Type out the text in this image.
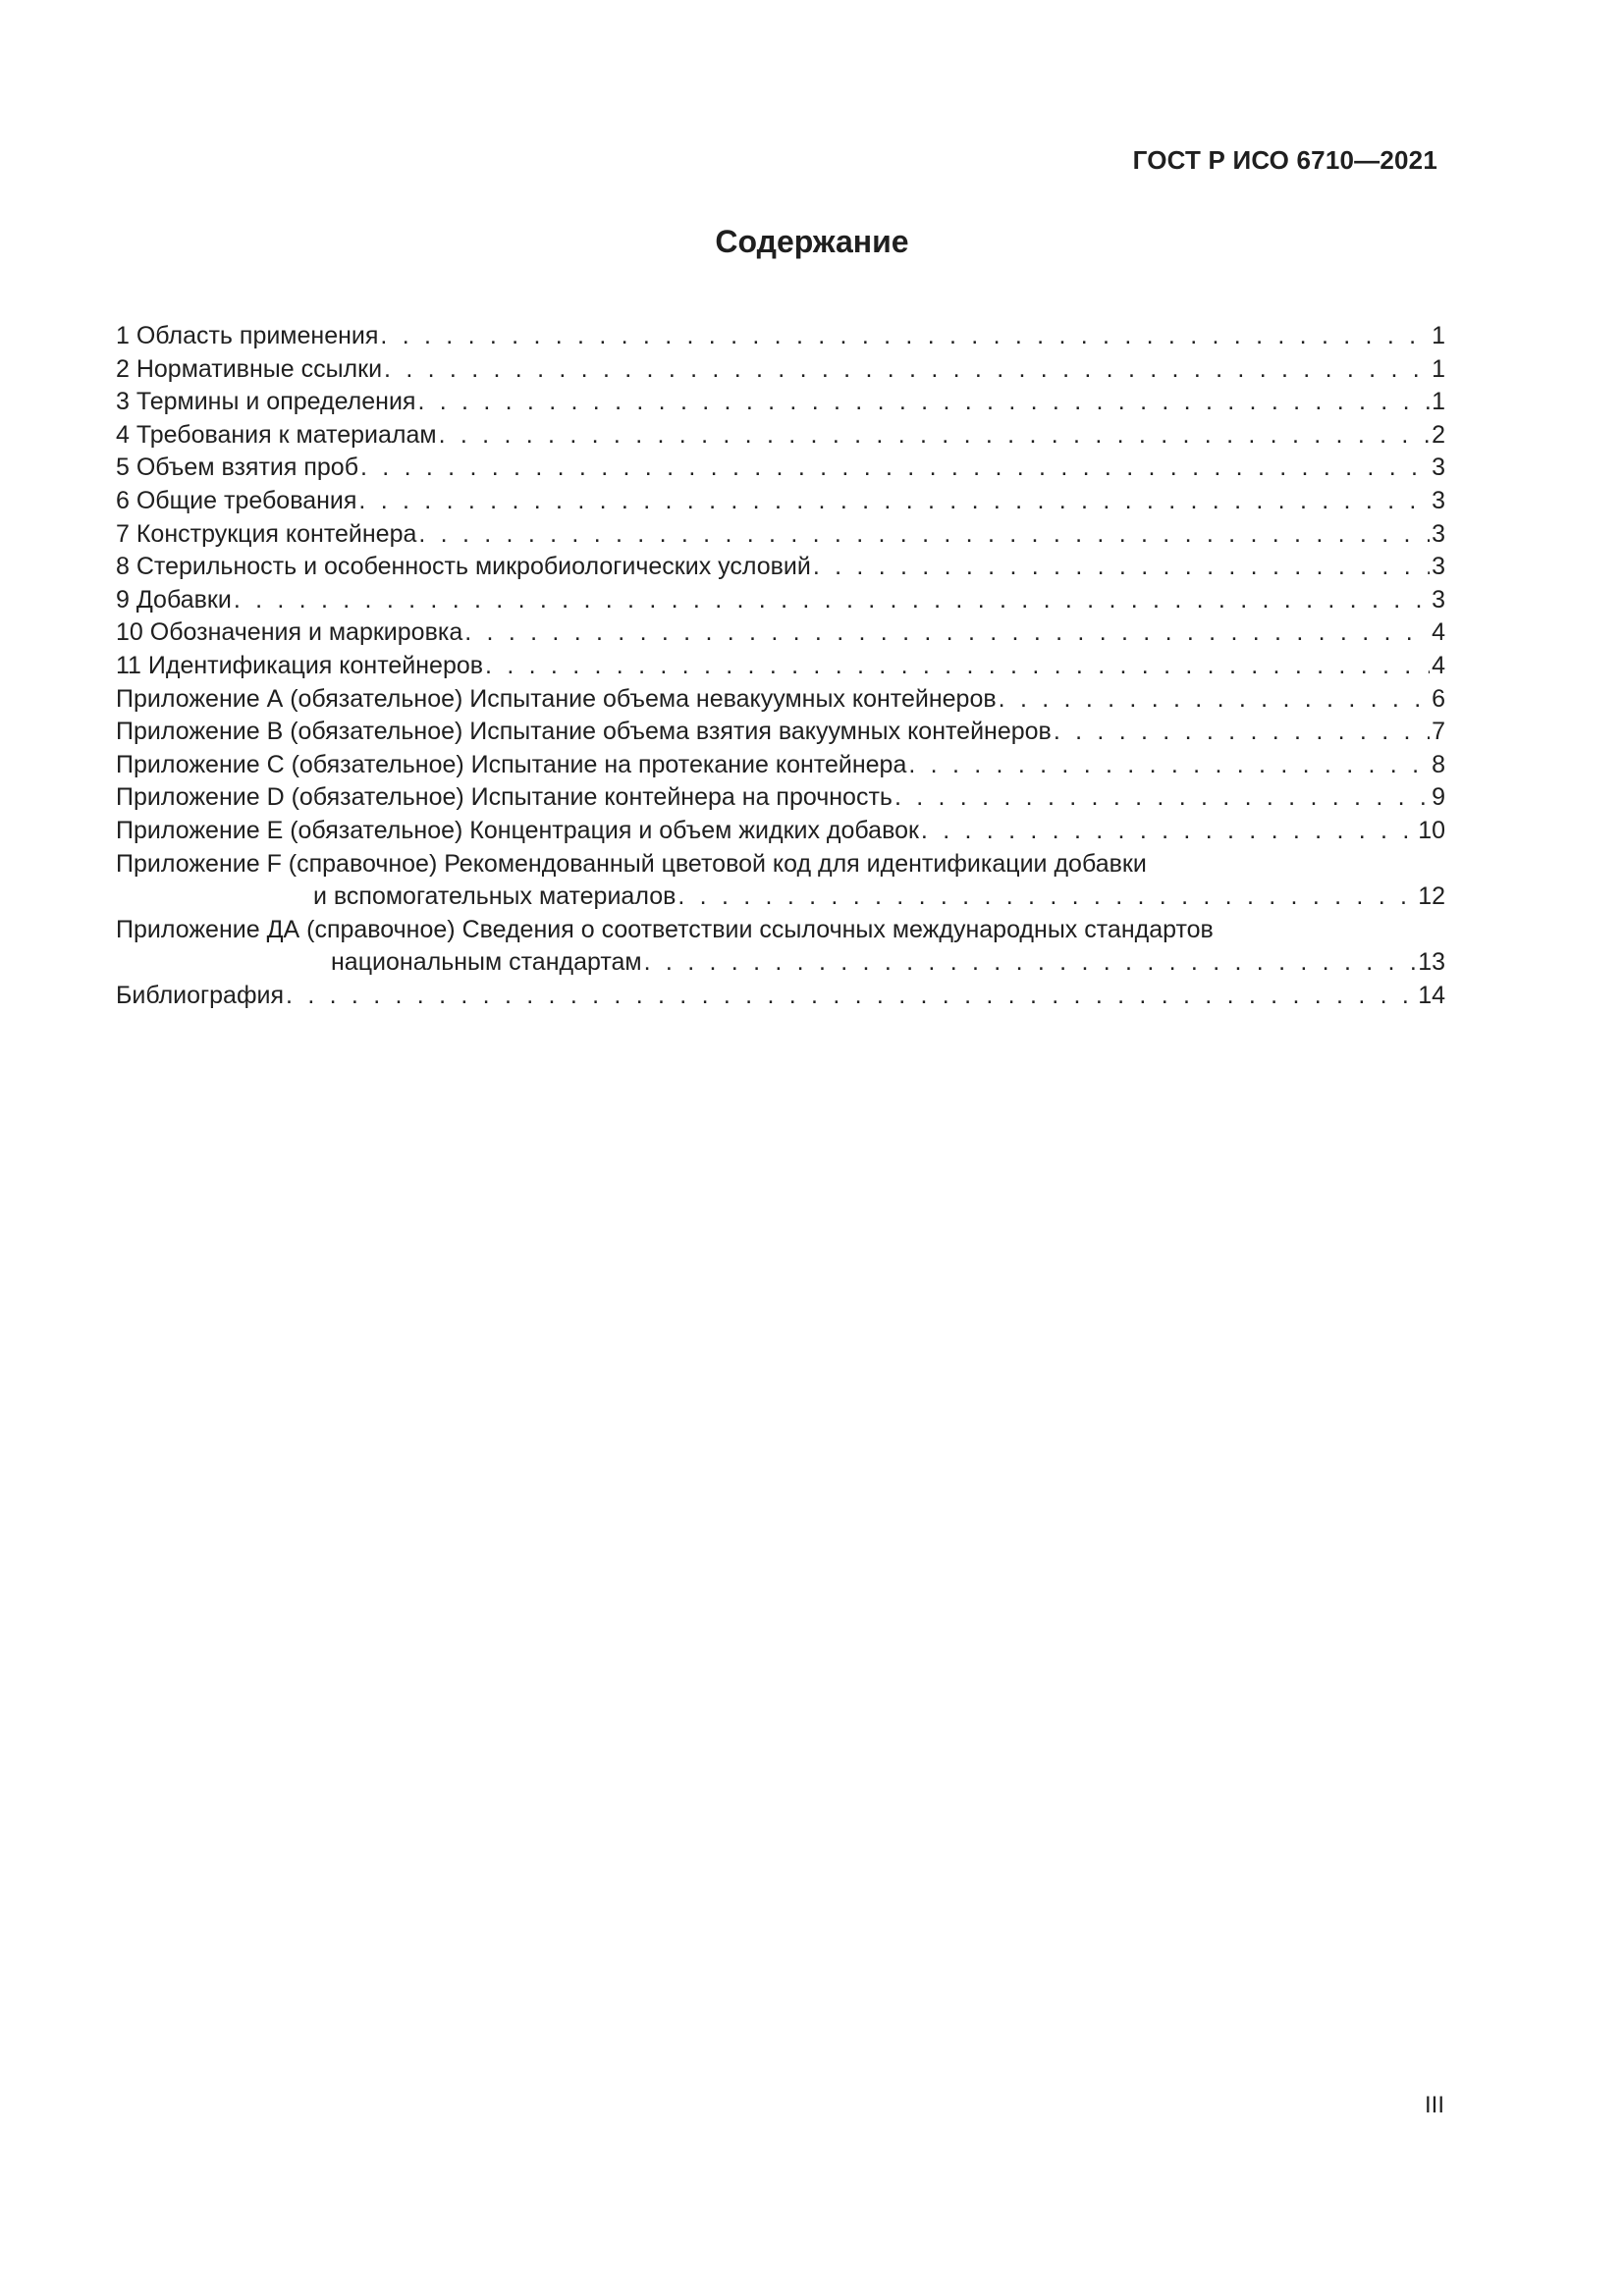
ГОСТ Р ИСО 6710—2021
Содержание
1 Область применения . . .	1
2 Нормативные ссылки . . .	1
3 Термины и определения . . .	1
4 Требования к материалам . . .	2
5 Объем взятия проб . . .	3
6 Общие требования . . .	3
7 Конструкция контейнера . . .	3
8 Стерильность и особенность микробиологических условий . . .	3
9 Добавки . . .	3
10 Обозначения и маркировка . . .	4
11 Идентификация контейнеров . . .	4
Приложение А (обязательное) Испытание объема невакуумных контейнеров . . .	6
Приложение В (обязательное) Испытание объема взятия вакуумных контейнеров . . .	7
Приложение С (обязательное) Испытание на протекание контейнера . . .	8
Приложение D (обязательное) Испытание контейнера на прочность . . .	9
Приложение Е (обязательное) Концентрация и объем жидких добавок . . .	10
Приложение F (справочное) Рекомендованный цветовой код для идентификации добавки
и вспомогательных материалов . . .	12
Приложение ДА (справочное) Сведения о соответствии ссылочных международных стандартов
национальным стандартам . . .	13
Библиография . . .	14
III
